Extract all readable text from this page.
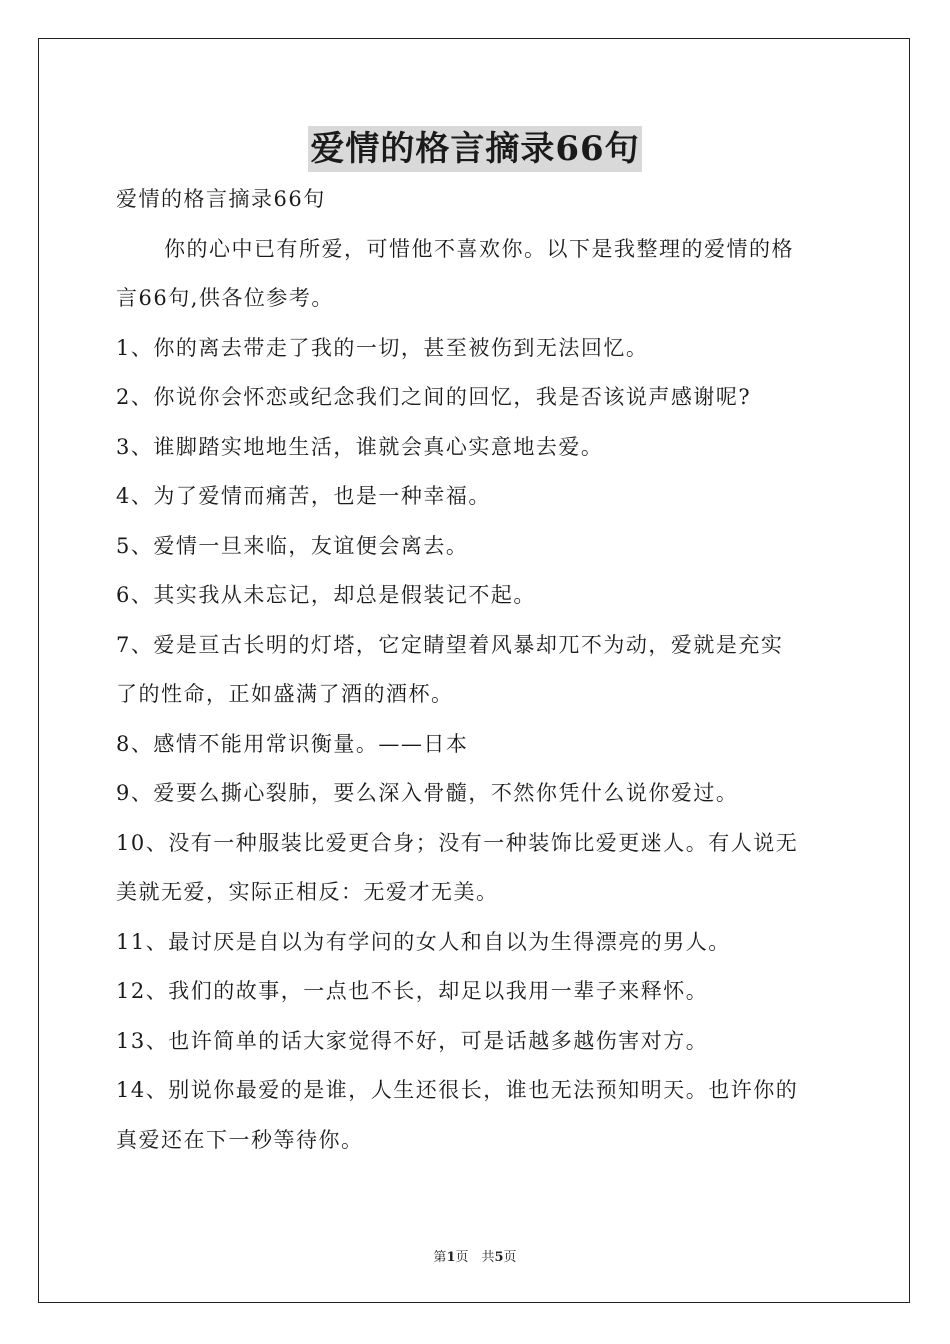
爱情的格言摘录66句
爱情的格言摘录66句
你的心中已有所爱，可惜他不喜欢你。以下是我整理的爱情的格
言66句,供各位参考。
1、你的离去带走了我的一切，甚至被伤到无法回忆。
2、你说你会怀恋或纪念我们之间的回忆，我是否该说声感谢呢?
3、谁脚踏实地地生活，谁就会真心实意地去爱。
4、为了爱情而痛苦，也是一种幸福。
5、爱情一旦来临，友谊便会离去。
6、其实我从未忘记，却总是假装记不起。
7、爱是亘古长明的灯塔，它定睛望着风暴却兀不为动，爱就是充实
了的性命，正如盛满了酒的酒杯。
8、感情不能用常识衡量。——日本
9、爱要么撕心裂肺，要么深入骨髓，不然你凭什么说你爱过。
10、没有一种服装比爱更合身；没有一种装饰比爱更迷人。有人说无
美就无爱，实际正相反：无爱才无美。
11、最讨厌是自以为有学问的女人和自以为生得漂亮的男人。
12、我们的故事，一点也不长，却足以我用一辈子来释怀。
13、也许简单的话大家觉得不好，可是话越多越伤害对方。
14、别说你最爱的是谁，人生还很长，谁也无法预知明天。也许你的
真爱还在下一秒等待你。
第1页　共5页
